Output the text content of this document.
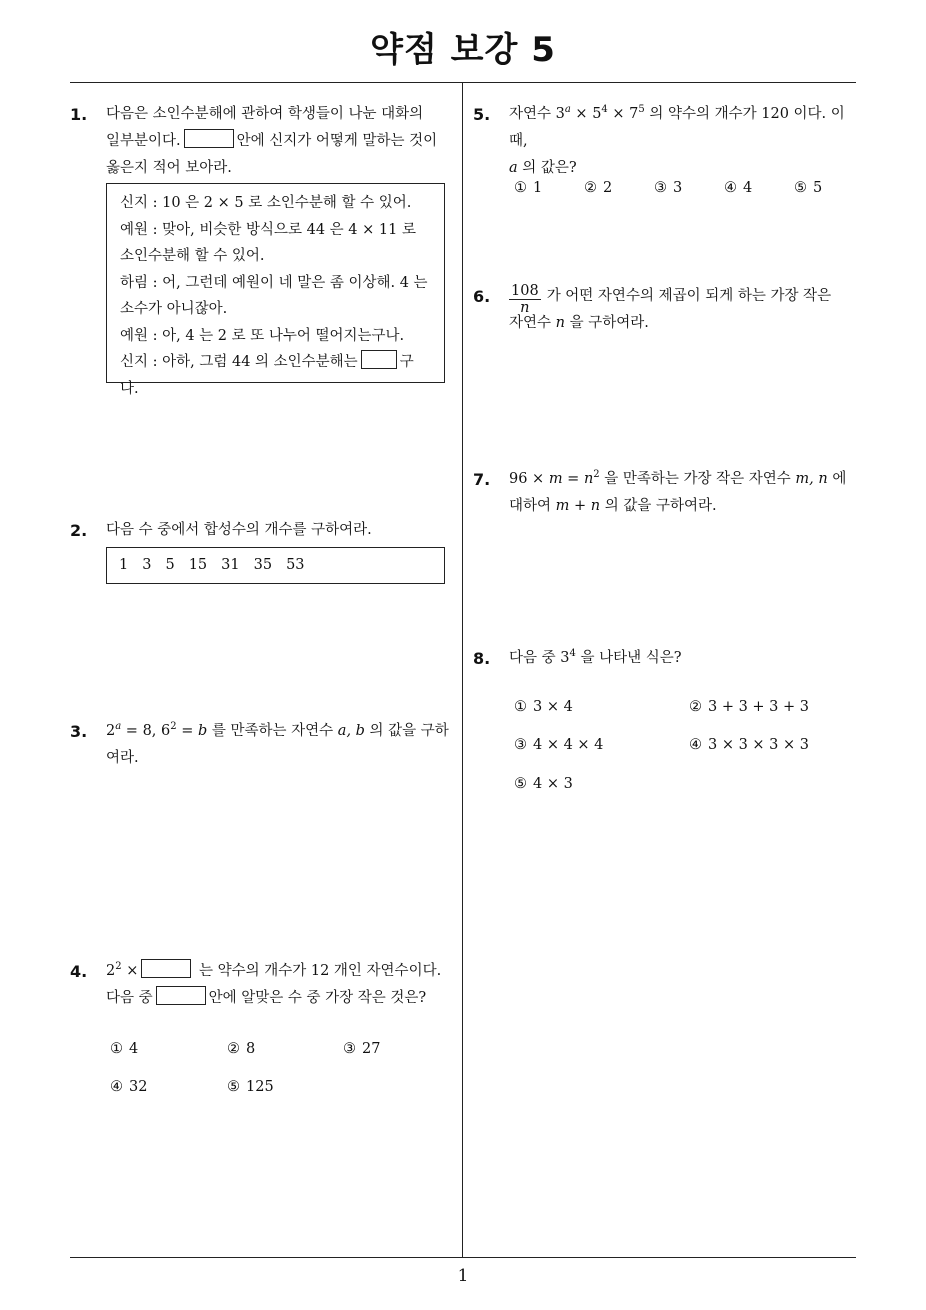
약점 보강 5
1
1. 다음은 소인수분해에 관하여 학생들이 나눈 대화의
일부분이다.	안에 신지가 어떻게 말하는 것이
옳은지 적어 보아라.
신지 : 10 은 2 × 5 로 소인수분해 할 수 있어.
예원 : 맞아, 비슷한 방식으로 44 은 4 × 11 로
소인수분해 할 수 있어.
하림 : 어, 그런데 예원이 네 말은 좀 이상해. 4 는
소수가 아니잖아.
예원 : 아, 4 는 2 로 또 나누어 떨어지는구나.
신지 : 아하, 그럼 44 의 소인수분해는	구나.
2. 다음 수 중에서 합성수의 개수를 구하여라.
1 3 5 15 31 35 53
3. $2^a = 8$, $6^2 = b$ 를 만족하는 자연수 a, b 의 값을 구하
여라.
4. $2^2$ ×	는 약수의 개수가 12 개인 자연수이다.
다음 중	안에 알맞은 수 중 가장 작은 것은?
① 4	② 8	③ 27
④ 32	⑤ 125
5. 자연수 $3^a \times 5^4 \times 7^5$ 의 약수의 개수가 120 이다. 이때,
a 의 값은?
① 1	② 2	③ 3	④ 4	⑤ 5
6. $\frac{108}{n}$ 가 어떤 자연수의 제곱이 되게 하는 가장 작은
자연수 n 을 구하여라.
7. $96 \times m = n^2$ 을 만족하는 가장 작은 자연수 m, n 에
대하여 m + n 의 값을 구하여라.
8. 다음 중 $3^4$ 을 나타낸 식은?
① 3 × 4	② 3 + 3 + 3 + 3
③ 4 × 4 × 4	④ 3 × 3 × 3 × 3
⑤ 4 × 3
